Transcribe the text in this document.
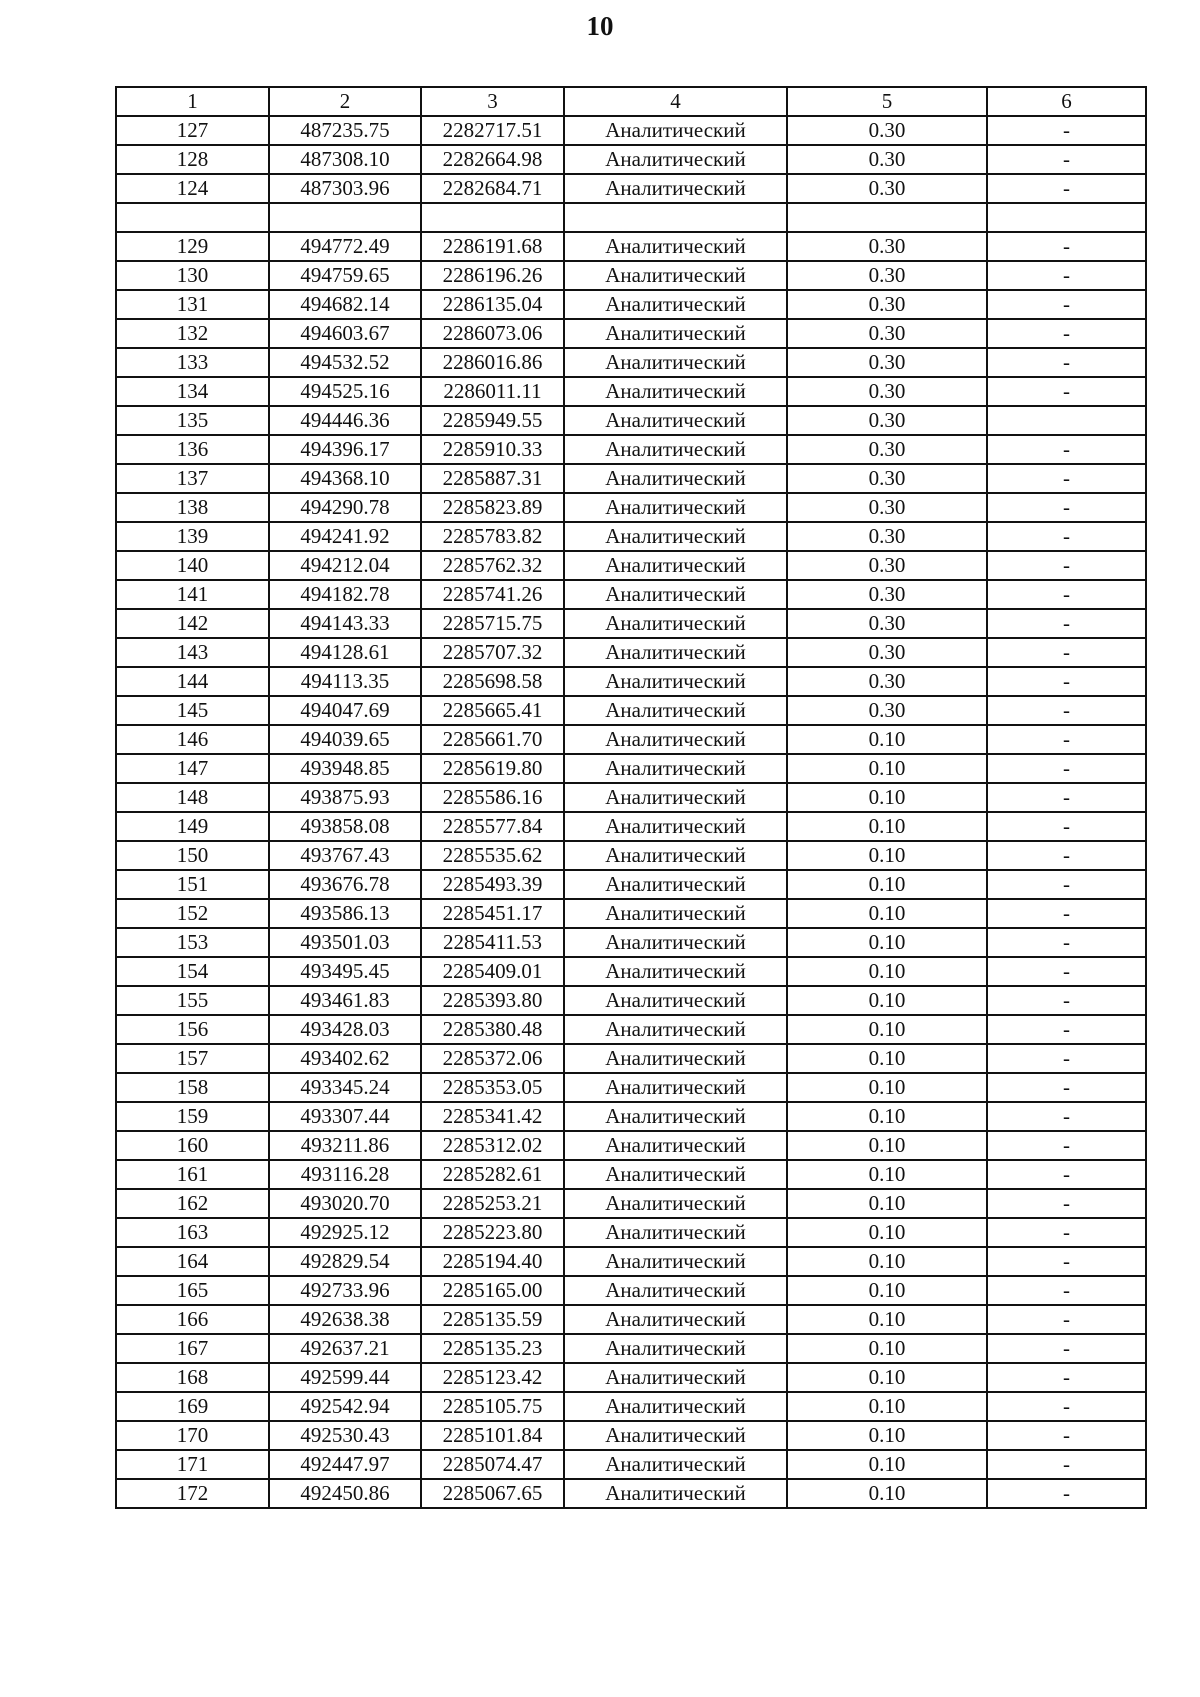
10
1	2	3	4	5	6
127	487235.75	2282717.51	Аналитический	0.30	-
128	487308.10	2282664.98	Аналитический	0.30	-
124	487303.96	2282684.71	Аналитический	0.30	-

129	494772.49	2286191.68	Аналитический	0.30	-
130	494759.65	2286196.26	Аналитический	0.30	-
131	494682.14	2286135.04	Аналитический	0.30	-
132	494603.67	2286073.06	Аналитический	0.30	-
133	494532.52	2286016.86	Аналитический	0.30	-
134	494525.16	2286011.11	Аналитический	0.30	-
135	494446.36	2285949.55	Аналитический	0.30	
136	494396.17	2285910.33	Аналитический	0.30	-
137	494368.10	2285887.31	Аналитический	0.30	-
138	494290.78	2285823.89	Аналитический	0.30	-
139	494241.92	2285783.82	Аналитический	0.30	-
140	494212.04	2285762.32	Аналитический	0.30	-
141	494182.78	2285741.26	Аналитический	0.30	-
142	494143.33	2285715.75	Аналитический	0.30	-
143	494128.61	2285707.32	Аналитический	0.30	-
144	494113.35	2285698.58	Аналитический	0.30	-
145	494047.69	2285665.41	Аналитический	0.30	-
146	494039.65	2285661.70	Аналитический	0.10	-
147	493948.85	2285619.80	Аналитический	0.10	-
148	493875.93	2285586.16	Аналитический	0.10	-
149	493858.08	2285577.84	Аналитический	0.10	-
150	493767.43	2285535.62	Аналитический	0.10	-
151	493676.78	2285493.39	Аналитический	0.10	-
152	493586.13	2285451.17	Аналитический	0.10	-
153	493501.03	2285411.53	Аналитический	0.10	-
154	493495.45	2285409.01	Аналитический	0.10	-
155	493461.83	2285393.80	Аналитический	0.10	-
156	493428.03	2285380.48	Аналитический	0.10	-
157	493402.62	2285372.06	Аналитический	0.10	-
158	493345.24	2285353.05	Аналитический	0.10	-
159	493307.44	2285341.42	Аналитический	0.10	-
160	493211.86	2285312.02	Аналитический	0.10	-
161	493116.28	2285282.61	Аналитический	0.10	-
162	493020.70	2285253.21	Аналитический	0.10	-
163	492925.12	2285223.80	Аналитический	0.10	-
164	492829.54	2285194.40	Аналитический	0.10	-
165	492733.96	2285165.00	Аналитический	0.10	-
166	492638.38	2285135.59	Аналитический	0.10	-
167	492637.21	2285135.23	Аналитический	0.10	-
168	492599.44	2285123.42	Аналитический	0.10	-
169	492542.94	2285105.75	Аналитический	0.10	-
170	492530.43	2285101.84	Аналитический	0.10	-
171	492447.97	2285074.47	Аналитический	0.10	-
172	492450.86	2285067.65	Аналитический	0.10	-
